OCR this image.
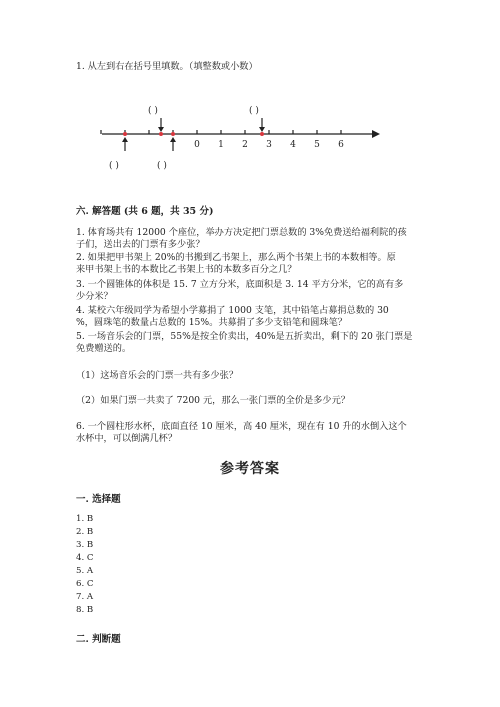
1. 从左到右在括号里填数。（填整数或小数）
0 1 2 3 4 5 6
( )	( )
( )	( )
六. 解答题 (共 6 题，共 35 分)
1. 体育场共有 12000 个座位，举办方决定把门票总数的 3%免费送给福利院的孩
子们，送出去的门票有多少张？
2. 如果把甲书架上 20%的书搬到乙书架上，那么两个书架上书的本数相等。原
来甲书架上书的本数比乙书架上书的本数多百分之几？
3. 一个圆锥体的体积是 15. 7 立方分米，底面积是 3. 14 平方分米，它的高有多
少分米？
4. 某校六年级同学为希望小学募捐了 1000 支笔，其中铅笔占募捐总数的 30
%，圆珠笔的数量占总数的 15%。共募捐了多少支铅笔和圆珠笔？
5. 一场音乐会的门票，55%是按全价卖出，40%是五折卖出，剩下的 20 张门票是
免费赠送的。
（1）这场音乐会的门票一共有多少张？
（2）如果门票一共卖了 7200 元，那么一张门票的全价是多少元？
6. 一个圆柱形水杯，底面直径 10 厘米，高 40 厘米，现在有 10 升的水倒入这个
水杯中，可以倒满几杯？
参考答案
一. 选择题
1. B
2. B
3. B
4. C
5. A
6. C
7. A
8. B
二. 判断题
